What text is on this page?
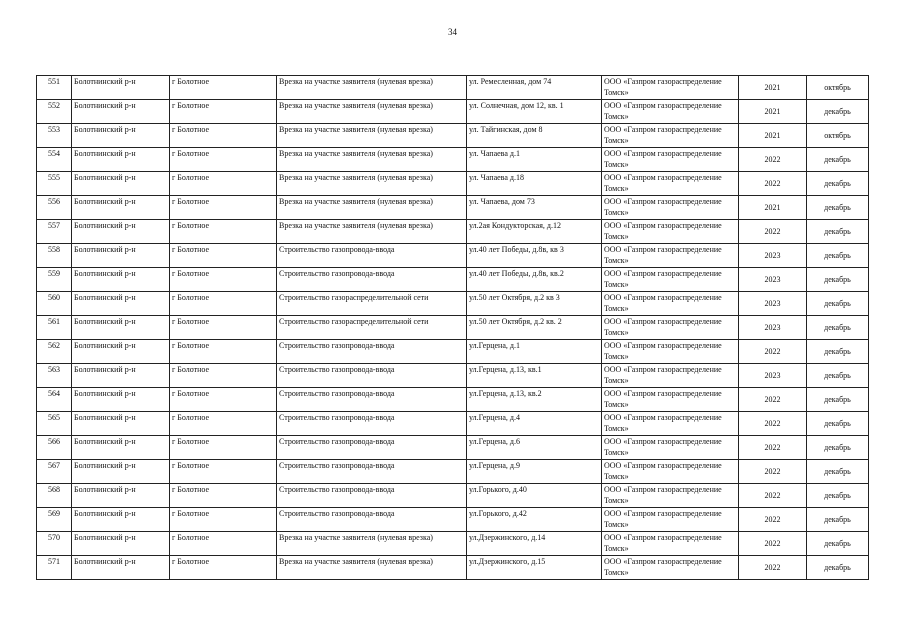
34
551	Болотнинский р-н	г Болотное	Врезка на участке заявителя (нулевая врезка)	ул. Ремесленная, дом 74	ООО «Газпром газораспределение Томск»	2021	октябрь
552	Болотнинский р-н	г Болотное	Врезка на участке заявителя (нулевая врезка)	ул. Солнечная, дом 12, кв. 1	ООО «Газпром газораспределение Томск»	2021	декабрь
553	Болотнинский р-н	г Болотное	Врезка на участке заявителя (нулевая врезка)	ул. Тайгинская, дом 8	ООО «Газпром газораспределение Томск»	2021	октябрь
554	Болотнинский р-н	г Болотное	Врезка на участке заявителя (нулевая врезка)	ул. Чапаева д.1	ООО «Газпром газораспределение Томск»	2022	декабрь
555	Болотнинский р-н	г Болотное	Врезка на участке заявителя (нулевая врезка)	ул. Чапаева д.18	ООО «Газпром газораспределение Томск»	2022	декабрь
556	Болотнинский р-н	г Болотное	Врезка на участке заявителя (нулевая врезка)	ул. Чапаева, дом 73	ООО «Газпром газораспределение Томск»	2021	декабрь
557	Болотнинский р-н	г Болотное	Врезка на участке заявителя (нулевая врезка)	ул.2ая Кондукторская, д.12	ООО «Газпром газораспределение Томск»	2022	декабрь
558	Болотнинский р-н	г Болотное	Строительство газопровода-ввода	ул.40 лет Победы, д.8в, кв 3	ООО «Газпром газораспределение Томск»	2023	декабрь
559	Болотнинский р-н	г Болотное	Строительство газопровода-ввода	ул.40 лет Победы, д.8в, кв.2	ООО «Газпром газораспределение Томск»	2023	декабрь
560	Болотнинский р-н	г Болотное	Строительство газораспределительной сети	ул.50 лет Октября, д.2 кв 3	ООО «Газпром газораспределение Томск»	2023	декабрь
561	Болотнинский р-н	г Болотное	Строительство газораспределительной сети	ул.50 лет Октября, д.2 кв. 2	ООО «Газпром газораспределение Томск»	2023	декабрь
562	Болотнинский р-н	г Болотное	Строительство газопровода-ввода	ул.Герцена, д.1	ООО «Газпром газораспределение Томск»	2022	декабрь
563	Болотнинский р-н	г Болотное	Строительство газопровода-ввода	ул.Герцена, д.13, кв.1	ООО «Газпром газораспределение Томск»	2023	декабрь
564	Болотнинский р-н	г Болотное	Строительство газопровода-ввода	ул.Герцена, д.13, кв.2	ООО «Газпром газораспределение Томск»	2022	декабрь
565	Болотнинский р-н	г Болотное	Строительство газопровода-ввода	ул.Герцена, д.4	ООО «Газпром газораспределение Томск»	2022	декабрь
566	Болотнинский р-н	г Болотное	Строительство газопровода-ввода	ул.Герцена, д.6	ООО «Газпром газораспределение Томск»	2022	декабрь
567	Болотнинский р-н	г Болотное	Строительство газопровода-ввода	ул.Герцена, д.9	ООО «Газпром газораспределение Томск»	2022	декабрь
568	Болотнинский р-н	г Болотное	Строительство газопровода-ввода	ул.Горького, д.40	ООО «Газпром газораспределение Томск»	2022	декабрь
569	Болотнинский р-н	г Болотное	Строительство газопровода-ввода	ул.Горького, д.42	ООО «Газпром газораспределение Томск»	2022	декабрь
570	Болотнинский р-н	г Болотное	Врезка на участке заявителя (нулевая врезка)	ул.Дзержинского, д.14	ООО «Газпром газораспределение Томск»	2022	декабрь
571	Болотнинский р-н	г Болотное	Врезка на участке заявителя (нулевая врезка)	ул.Дзержинского, д.15	ООО «Газпром газораспределение Томск»	2022	декабрь
